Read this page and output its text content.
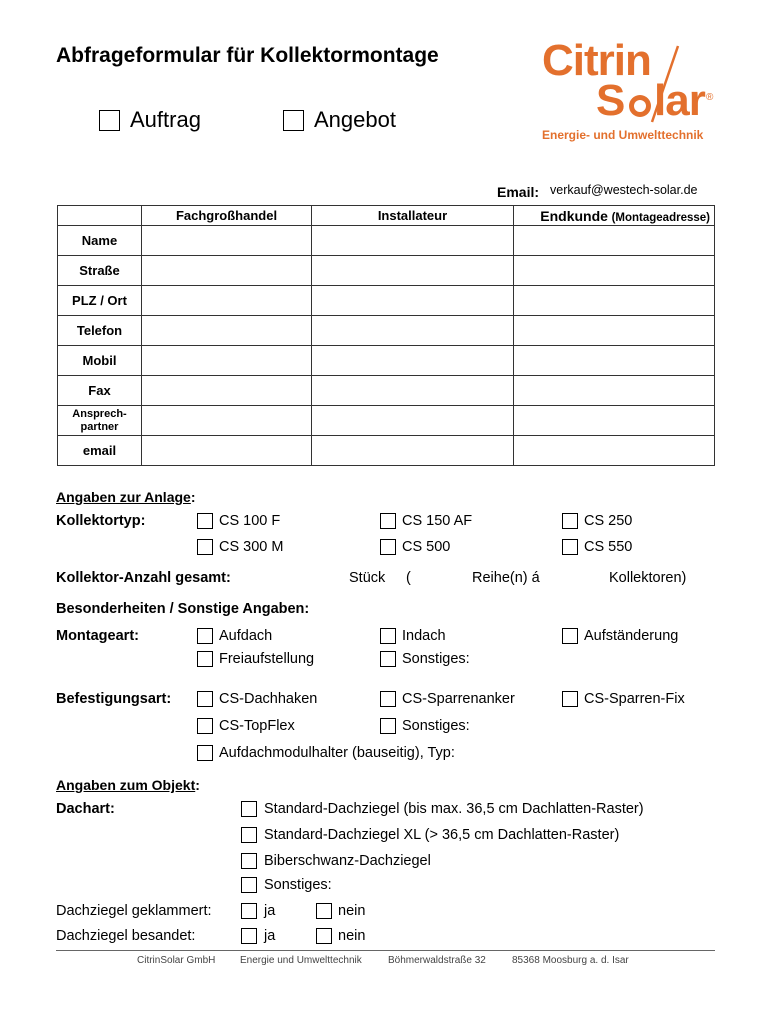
Abfrageformular für Kollektormontage
Auftrag	Angebot
Citrin
S lar ®
Energie- und Umwelttechnik
Email: verkauf@westech-solar.de
	Fachgroßhandel	Installateur	Endkunde (Montageadresse)
Name			
Straße			
PLZ / Ort			
Telefon			
Mobil			
Fax			
Ansprech-
partner			
email			
Angaben zur Anlage:
Kollektortyp:	CS 100 F	CS 150 AF	CS 250
CS 300 M	CS 500	CS 550
Kollektor-Anzahl gesamt:	Stück (	Reihe(n) á	Kollektoren)
Besonderheiten / Sonstige Angaben:
Montageart:	Aufdach	Indach	Aufständerung
Freiaufstellung	Sonstiges:
Befestigungsart:	CS-Dachhaken	CS-Sparrenanker	CS-Sparren-Fix
CS-TopFlex	Sonstiges:
Aufdachmodulhalter (bauseitig), Typ:
Angaben zum Objekt:
Dachart:	Standard-Dachziegel (bis max. 36,5 cm Dachlatten-Raster)
Standard-Dachziegel XL (> 36,5 cm Dachlatten-Raster)
Biberschwanz-Dachziegel
Sonstiges:
Dachziegel geklammert:	ja	nein
Dachziegel besandet:	ja	nein
CitrinSolar GmbH Energie und Umwelttechnik	Böhmerwaldstraße 32	85368 Moosburg a. d. Isar
